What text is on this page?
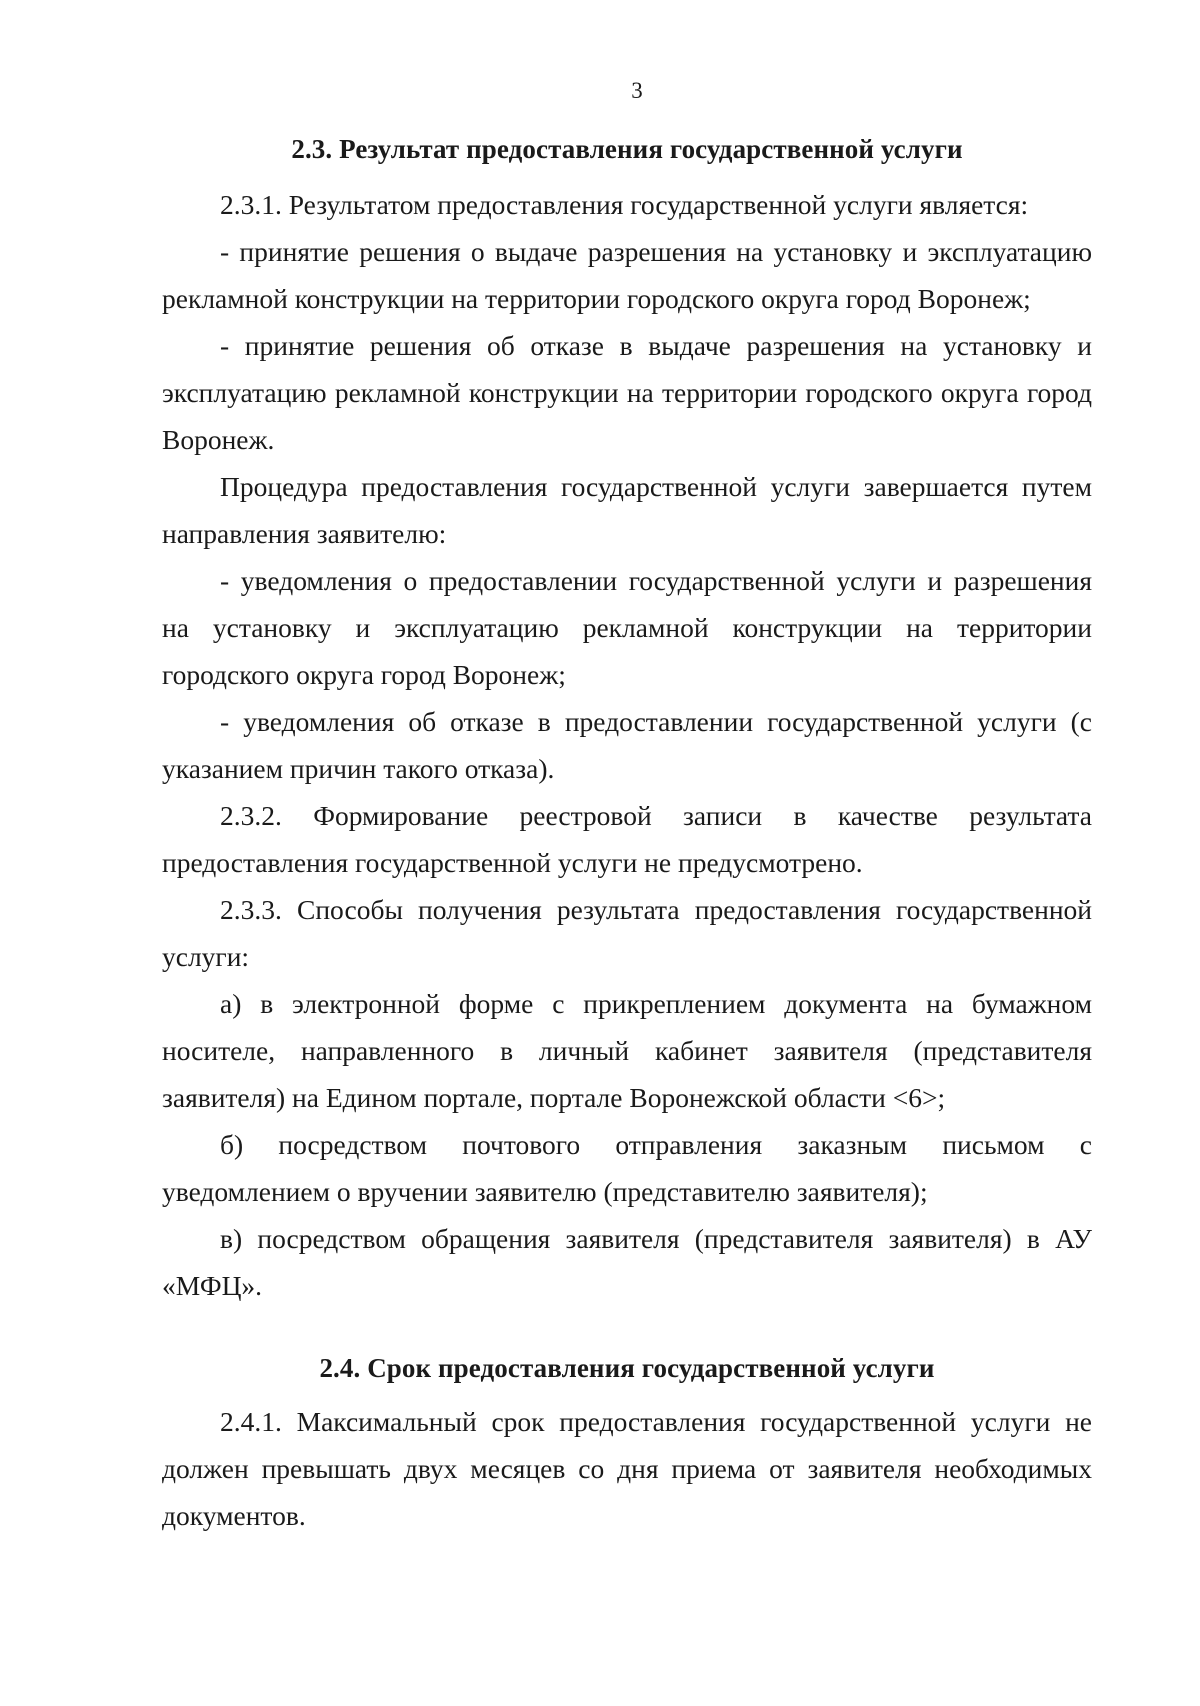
3
2.3. Результат предоставления государственной услуги

2.3.1. Результатом предоставления государственной услуги является:

- принятие решения о выдаче разрешения на установку и эксплуатацию рекламной конструкции на территории городского округа город Воронеж;

- принятие решения об отказе в выдаче разрешения на установку и эксплуатацию рекламной конструкции на территории городского округа город Воронеж.

Процедура предоставления государственной услуги завершается путем направления заявителю:

- уведомления о предоставлении государственной услуги и разрешения на установку и эксплуатацию рекламной конструкции на территории городского округа город Воронеж;

- уведомления об отказе в предоставлении государственной услуги (с указанием причин такого отказа).

2.3.2. Формирование реестровой записи в качестве результата предоставления государственной услуги не предусмотрено.

2.3.3. Способы получения результата предоставления государственной услуги:

а) в электронной форме с прикреплением документа на бумажном носителе, направленного в личный кабинет заявителя (представителя заявителя) на Едином портале, портале Воронежской области <6>;

б) посредством почтового отправления заказным письмом с уведомлением о вручении заявителю (представителю заявителя);

в) посредством обращения заявителя (представителя заявителя) в АУ «МФЦ».

2.4. Срок предоставления государственной услуги

2.4.1. Максимальный срок предоставления государственной услуги не должен превышать двух месяцев со дня приема от заявителя необходимых документов.
